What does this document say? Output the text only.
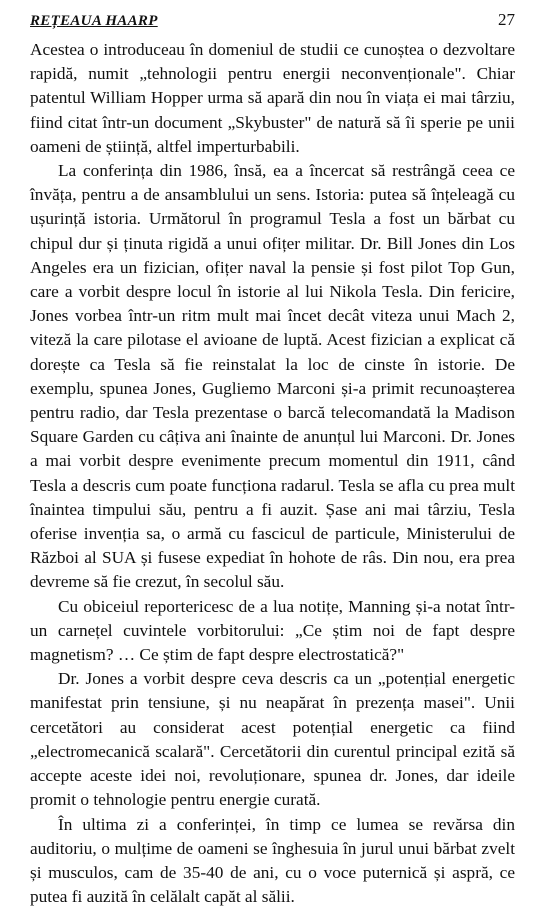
REȚEAUA HAARP	27

Acestea o introduceau în domeniul de studii ce cunoștea o dezvoltare rapidă, numit „tehnologii pentru energii neconvenționale". Chiar patentul William Hopper urma să apară din nou în viața ei mai târziu, fiind citat într-un document „Skybuster" de natură să îi sperie pe unii oameni de știință, altfel imperturbabili.

La conferința din 1986, însă, ea a încercat să restrângă ceea ce învăța, pentru a de ansamblului un sens. Istoria: putea să înțeleagă cu ușurință istoria. Următorul în programul Tesla a fost un bărbat cu chipul dur și ținuta rigidă a unui ofițer militar. Dr. Bill Jones din Los Angeles era un fizician, ofițer naval la pensie și fost pilot Top Gun, care a vorbit despre locul în istorie al lui Nikola Tesla. Din fericire, Jones vorbea într-un ritm mult mai încet decât viteza unui Mach 2, viteză la care pilotase el avioane de luptă. Acest fizician a explicat că dorește ca Tesla să fie reinstalat la loc de cinste în istorie. De exemplu, spunea Jones, Gugliemo Marconi și-a primit recunoașterea pentru radio, dar Tesla prezentase o barcă telecomandată la Madison Square Garden cu câțiva ani înainte de anunțul lui Marconi. Dr. Jones a mai vorbit despre evenimente precum momentul din 1911, când Tesla a descris cum poate funcționa radarul. Tesla se afla cu prea mult înaintea timpului său, pentru a fi auzit. Șase ani mai târziu, Tesla oferise invenția sa, o armă cu fascicul de particule, Ministerului de Război al SUA și fusese expediat în hohote de râs. Din nou, era prea devreme să fie crezut, în secolul său.

Cu obiceiul reportericesc de a lua notițe, Manning și-a notat într-un carnețel cuvintele vorbitorului: „Ce știm noi de fapt despre magnetism? … Ce știm de fapt despre electrostatică?"

Dr. Jones a vorbit despre ceva descris ca un „potențial energetic manifestat prin tensiune, și nu neapărat în prezența masei". Unii cercetători au considerat acest potențial energetic ca fiind „electromecanică scalară". Cercetătorii din curentul principal ezită să accepte aceste idei noi, revoluționare, spunea dr. Jones, dar ideile promit o tehnologie pentru energie curată.

În ultima zi a conferinței, în timp ce lumea se revărsa din auditoriu, o mulțime de oameni se înghesuia în jurul unui bărbat zvelt și musculos, cam de 35-40 de ani, cu o voce puternică și aspră, ce putea fi auzită în celălalt capăt al sălii.
